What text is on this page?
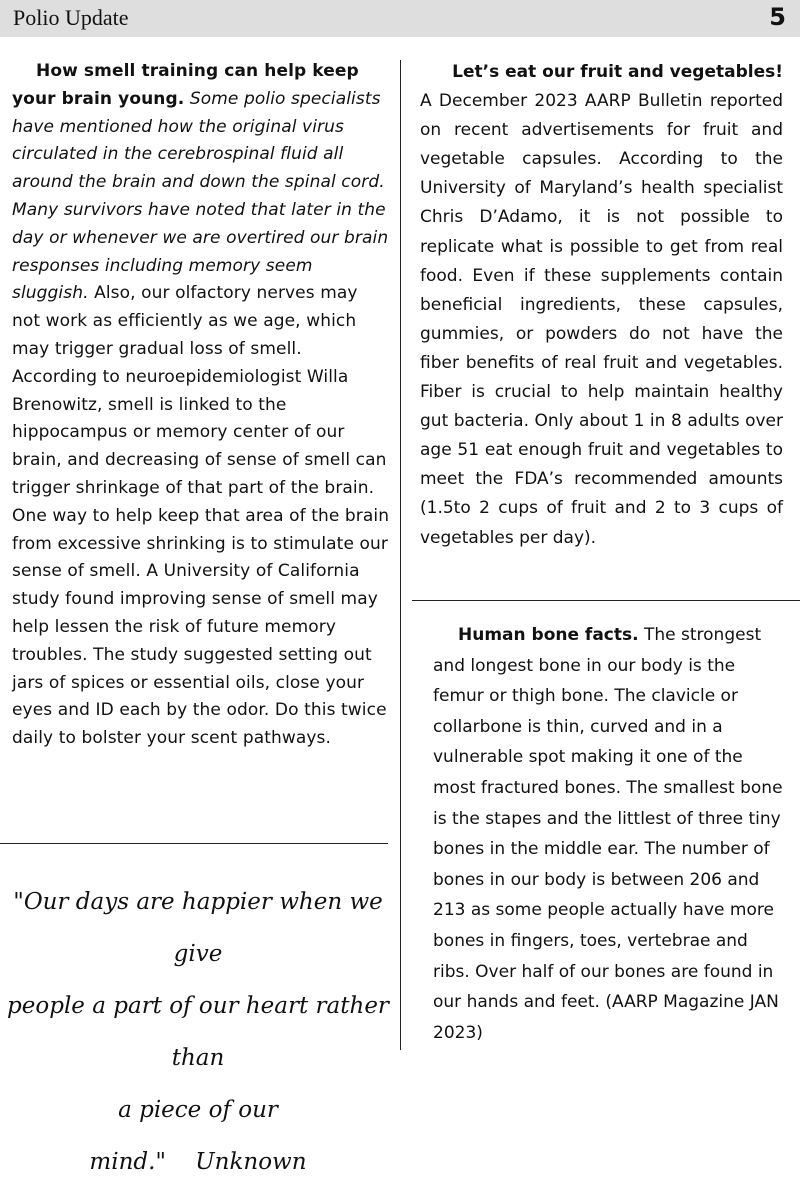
Polio Update	5

How smell training can help keep your brain young. Some polio specialists have mentioned how the original virus circulated in the cerebrospinal fluid all around the brain and down the spinal cord. Many survivors have noted that later in the day or whenever we are overtired our brain responses including memory seem sluggish. Also, our olfactory nerves may not work as efficiently as we age, which may trigger gradual loss of smell. According to neuroepidemiologist Willa Brenowitz, smell is linked to the hippocampus or memory center of our brain, and decreasing of sense of smell can trigger shrinkage of that part of the brain. One way to help keep that area of the brain from excessive shrinking is to stimulate our sense of smell. A University of California study found improving sense of smell may help lessen the risk of future memory troubles. The study suggested setting out jars of spices or essential oils, close your eyes and ID each by the odor. Do this twice daily to bolster your scent pathways.

"Our days are happier when we give
people a part of our heart rather than
a piece of our mind." Unknown
Let’s eat our fruit and vegetables!

A December 2023 AARP Bulletin reported on recent advertisements for fruit and vegetable capsules. According to the University of Maryland’s health specialist Chris D’Adamo, it is not possible to replicate what is possible to get from real food. Even if these supplements contain beneficial ingredients, these capsules, gummies, or powders do not have the fiber benefits of real fruit and vegetables. Fiber is crucial to help maintain healthy gut bacteria. Only about 1 in 8 adults over age 51 eat enough fruit and vegetables to meet the FDA’s recommended amounts (1.5to 2 cups of fruit and 2 to 3 cups of vegetables per day).

Human bone facts. The strongest and longest bone in our body is the femur or thigh bone. The clavicle or collarbone is thin, curved and in a vulnerable spot making it one of the most fractured bones. The smallest bone is the stapes and the littlest of three tiny bones in the middle ear. The number of bones in our body is between 206 and 213 as some people actually have more bones in fingers, toes, vertebrae and ribs. Over half of our bones are found in our hands and feet. (AARP Magazine JAN 2023)
